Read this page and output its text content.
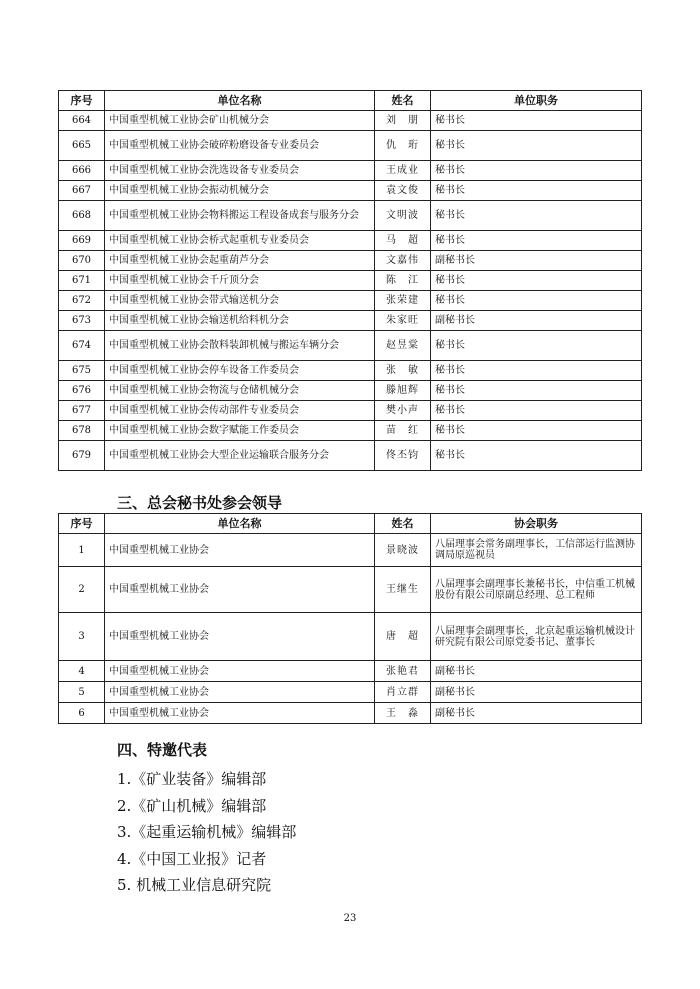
序号	单位名称	姓名	单位职务
664	中国重型机械工业协会矿山机械分会	刘　朋	秘书长
665	中国重型机械工业协会破碎粉磨设备专业委员会	仇　珩	秘书长
666	中国重型机械工业协会洗选设备专业委员会	王成业	秘书长
667	中国重型机械工业协会振动机械分会	袁文俊	秘书长
668	中国重型机械工业协会物料搬运工程设备成套与服务分会	文明波	秘书长
669	中国重型机械工业协会桥式起重机专业委员会	马　超	秘书长
670	中国重型机械工业协会起重葫芦分会	文嘉伟	副秘书长
671	中国重型机械工业协会千斤顶分会	陈　江	秘书长
672	中国重型机械工业协会带式输送机分会	张荣建	秘书长
673	中国重型机械工业协会输送机给料机分会	朱家旺	副秘书长
674	中国重型机械工业协会散料装卸机械与搬运车辆分会	赵昱棠	秘书长
675	中国重型机械工业协会停车设备工作委员会	张　敏	秘书长
676	中国重型机械工业协会物流与仓储机械分会	滕旭辉	秘书长
677	中国重型机械工业协会传动部件专业委员会	樊小声	秘书长
678	中国重型机械工业协会数字赋能工作委员会	苗　红	秘书长
679	中国重型机械工业协会大型企业运输联合服务分会	佟丕钧	秘书长
三、总会秘书处参会领导
序号	单位名称	姓名	协会职务
1	中国重型机械工业协会	景晓波	八届理事会常务副理事长，工信部运行监测协调局原巡视员
2	中国重型机械工业协会	王继生	八届理事会副理事长兼秘书长，中信重工机械股份有限公司原副总经理、总工程师
3	中国重型机械工业协会	唐　超	八届理事会副理事长，北京起重运输机械设计研究院有限公司原党委书记、董事长
4	中国重型机械工业协会	张艳君	副秘书长
5	中国重型机械工业协会	肖立群	副秘书长
6	中国重型机械工业协会	王　淼	副秘书长
四、特邀代表
1.《矿业装备》编辑部
2.《矿山机械》编辑部
3.《起重运输机械》编辑部
4.《中国工业报》记者
5. 机械工业信息研究院
23
